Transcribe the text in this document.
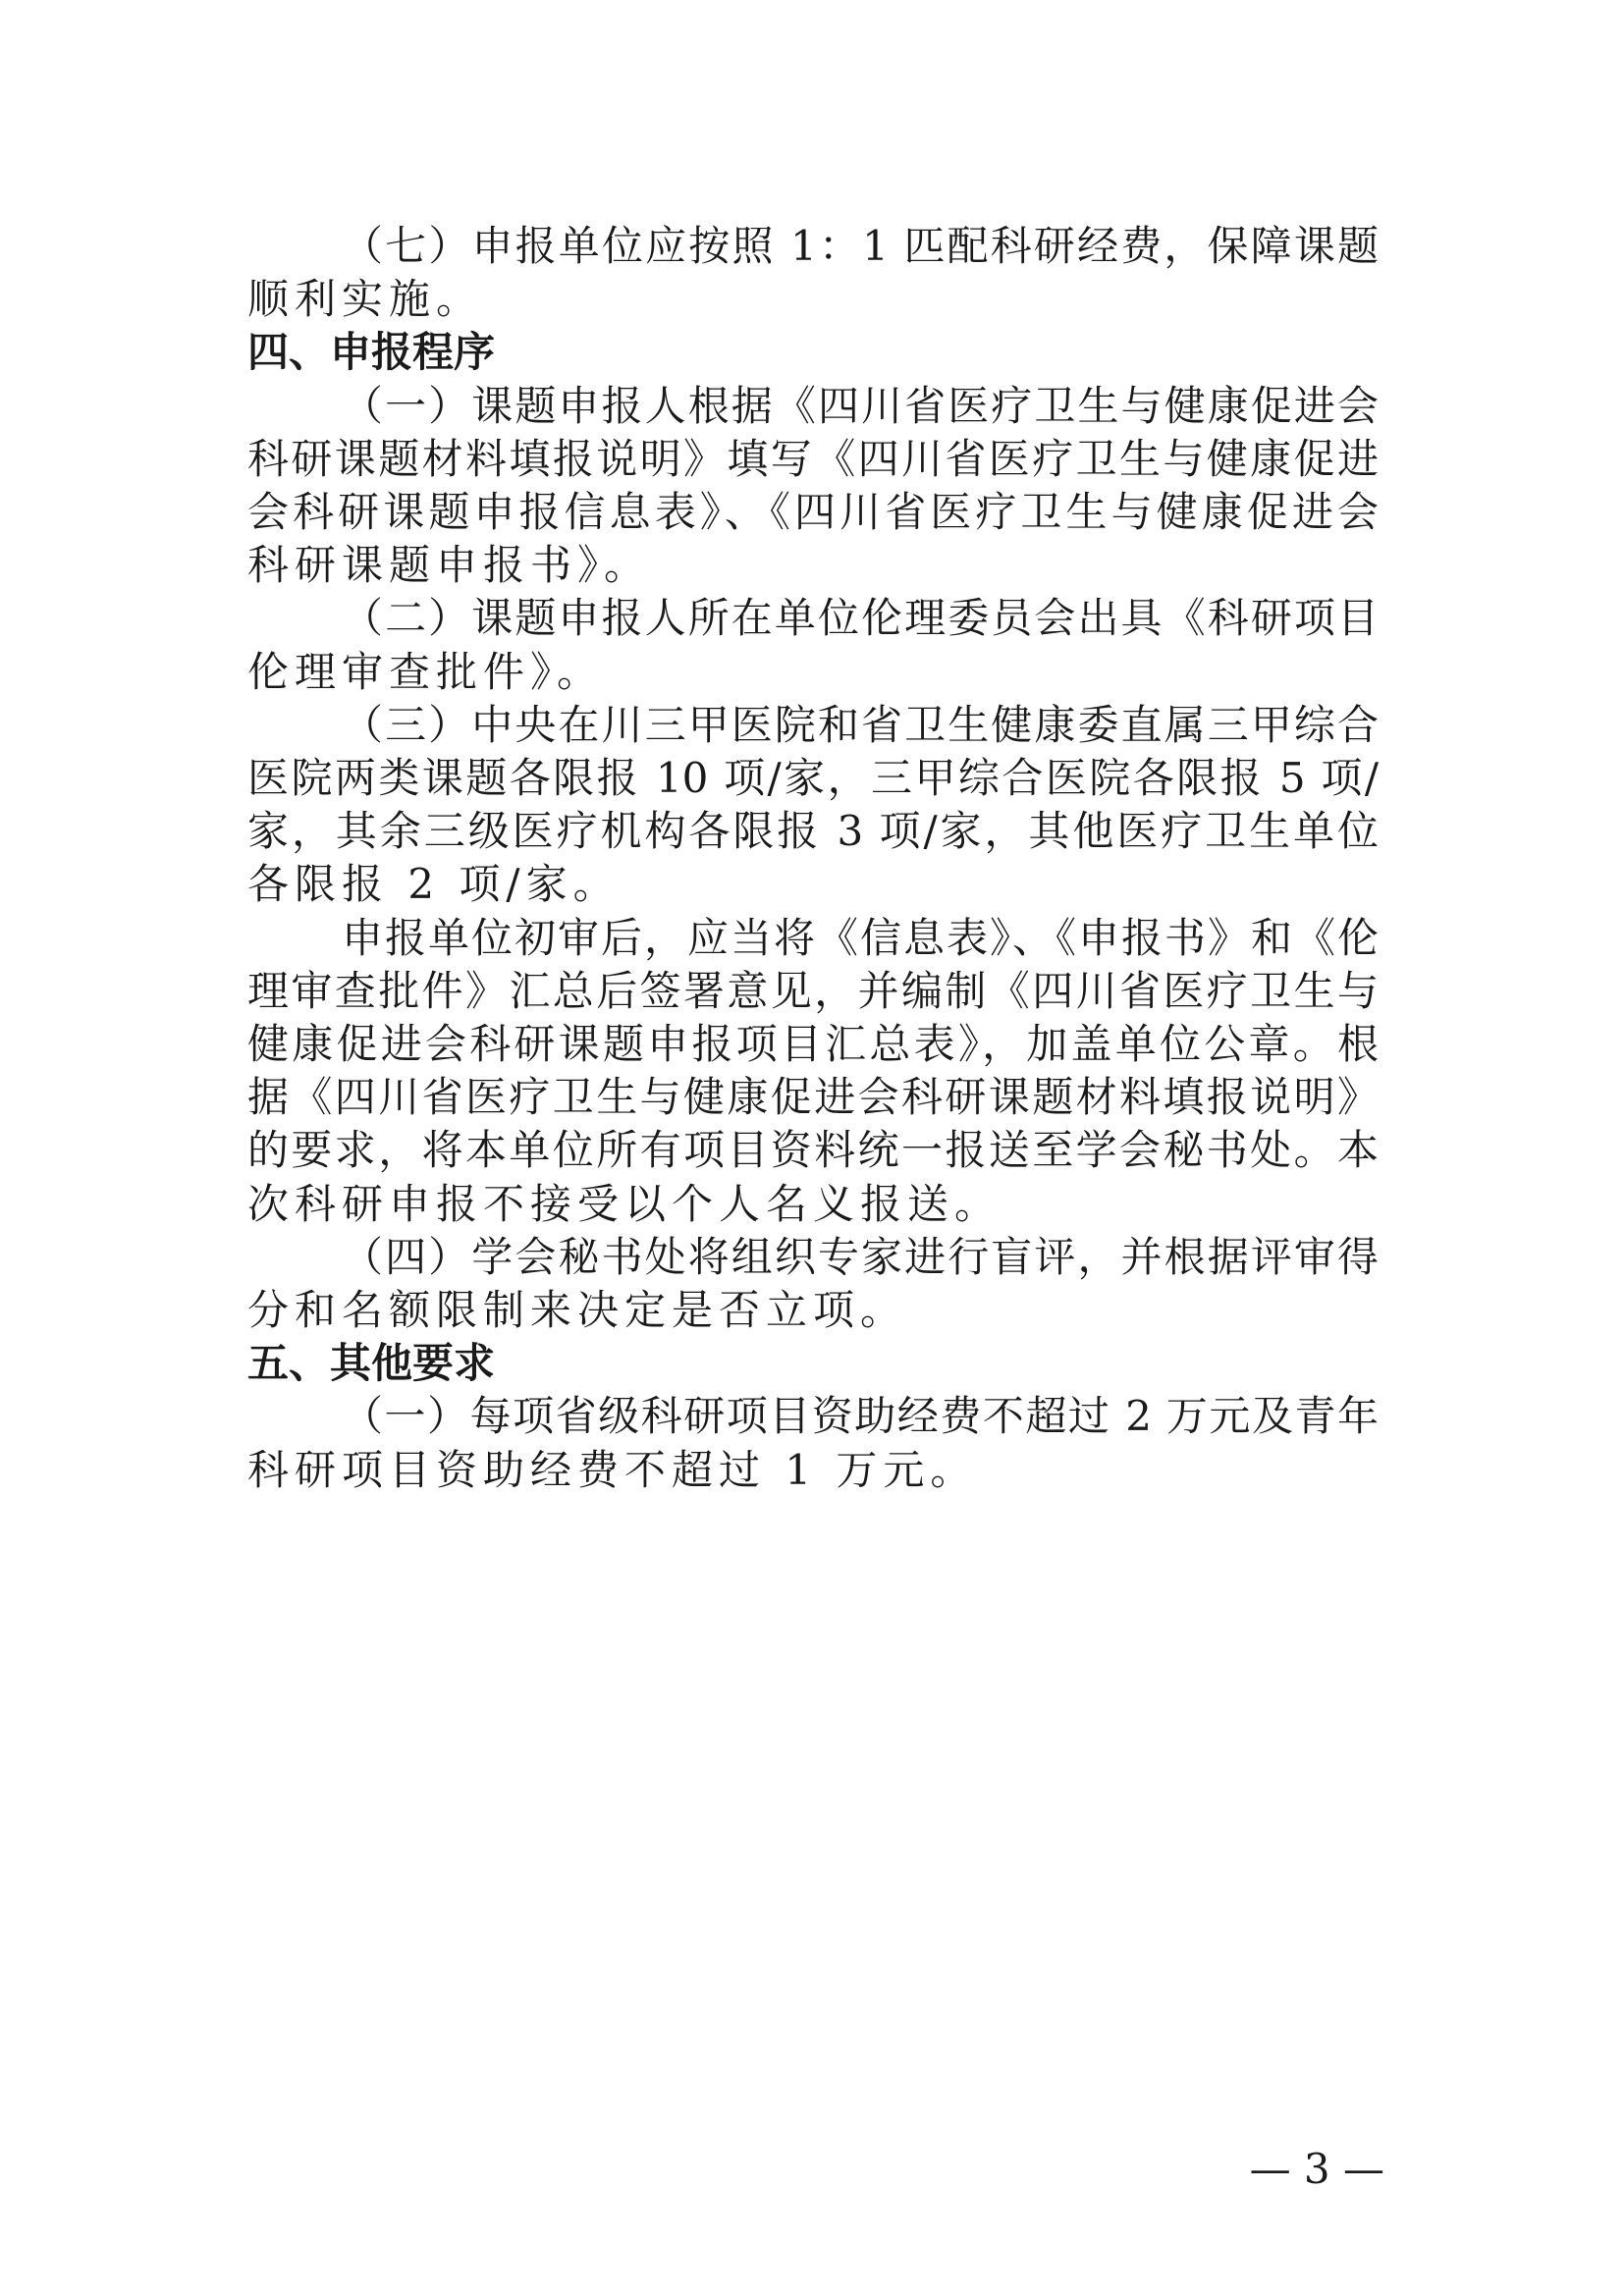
（七）申报单位应按照 1：1 匹配科研经费，保障课题
顺利实施。
四、申报程序
（一）课题申报人根据《四川省医疗卫生与健康促进会
科研课题材料填报说明》填写《四川省医疗卫生与健康促进
会科研课题申报信息表》、《四川省医疗卫生与健康促进会
科研课题申报书》。
（二）课题申报人所在单位伦理委员会出具《科研项目
伦理审查批件》。
（三）中央在川三甲医院和省卫生健康委直属三甲综合
医院两类课题各限报 10 项/家，三甲综合医院各限报 5 项/
家，其余三级医疗机构各限报 3 项/家，其他医疗卫生单位
各限报 2 项/家。
申报单位初审后，应当将《信息表》、《申报书》和《伦
理审查批件》汇总后签署意见，并编制《四川省医疗卫生与
健康促进会科研课题申报项目汇总表》，加盖单位公章。根
据《四川省医疗卫生与健康促进会科研课题材料填报说明》
的要求，将本单位所有项目资料统一报送至学会秘书处。本
次科研申报不接受以个人名义报送。
（四）学会秘书处将组织专家进行盲评，并根据评审得
分和名额限制来决定是否立项。
五、其他要求
（一）每项省级科研项目资助经费不超过 2 万元及青年
科研项目资助经费不超过 1 万元。
— 3 —
